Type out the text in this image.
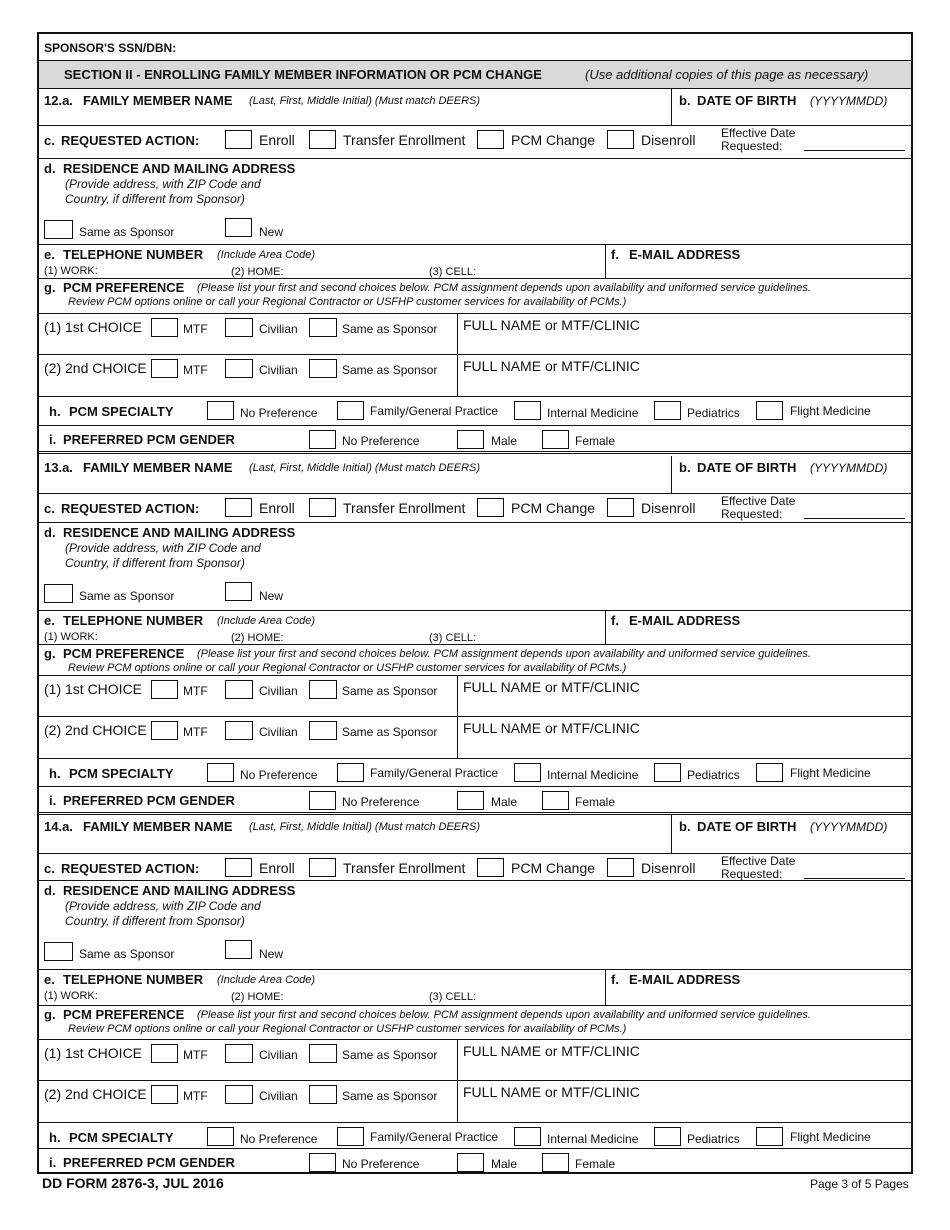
SPONSOR'S SSN/DBN:
SECTION II - ENROLLING FAMILY MEMBER INFORMATION OR PCM CHANGE	(Use additional copies of this page as necessary)
12.a. FAMILY MEMBER NAME (Last, First, Middle Initial) (Must match DEERS)	b. DATE OF BIRTH (YYYYMMDD)
c. REQUESTED ACTION:	Enroll	Transfer Enrollment	PCM Change	Disenroll Effective Date
Requested:
d. RESIDENCE AND MAILING ADDRESS
(Provide address, with ZIP Code and
Country, if different from Sponsor)
Same as Sponsor	New
e. TELEPHONE NUMBER (Include Area Code)
(1) WORK:	(2) HOME:	(3) CELL:
f. E-MAIL ADDRESS
g. PCM PREFERENCE (Please list your first and second choices below. PCM assignment depends upon availability and uniformed service guidelines.
Review PCM options online or call your Regional Contractor or USFHP customer services for availability of PCMs.)
(1) 1st CHOICE	MTF	Civilian	Same as Sponsor FULL NAME or MTF/CLINIC
(2) 2nd CHOICE	MTF	Civilian	Same as Sponsor FULL NAME or MTF/CLINIC
h. PCM SPECIALTY	No Preference	Family/General Practice	Internal Medicine	Pediatrics	Flight Medicine
i. PREFERRED PCM GENDER	No Preference	Male	Female
13.a. FAMILY MEMBER NAME (Last, First, Middle Initial) (Must match DEERS)	b. DATE OF BIRTH (YYYYMMDD)
c. REQUESTED ACTION:	Enroll	Transfer Enrollment	PCM Change	Disenroll Effective Date
Requested:
d. RESIDENCE AND MAILING ADDRESS
(Provide address, with ZIP Code and
Country, if different from Sponsor)
Same as Sponsor	New
e. TELEPHONE NUMBER (Include Area Code)
(1) WORK:	(2) HOME:	(3) CELL:
f. E-MAIL ADDRESS
g. PCM PREFERENCE (Please list your first and second choices below. PCM assignment depends upon availability and uniformed service guidelines.
Review PCM options online or call your Regional Contractor or USFHP customer services for availability of PCMs.)
(1) 1st CHOICE	MTF	Civilian	Same as Sponsor FULL NAME or MTF/CLINIC
(2) 2nd CHOICE	MTF	Civilian	Same as Sponsor FULL NAME or MTF/CLINIC
h. PCM SPECIALTY	No Preference	Family/General Practice	Internal Medicine	Pediatrics	Flight Medicine
i. PREFERRED PCM GENDER	No Preference	Male	Female
14.a. FAMILY MEMBER NAME (Last, First, Middle Initial) (Must match DEERS)	b. DATE OF BIRTH (YYYYMMDD)
c. REQUESTED ACTION:	Enroll	Transfer Enrollment	PCM Change	Disenroll Effective Date
Requested:
d. RESIDENCE AND MAILING ADDRESS
(Provide address, with ZIP Code and
Country, if different from Sponsor)
Same as Sponsor	New
e. TELEPHONE NUMBER (Include Area Code)
(1) WORK:	(2) HOME:	(3) CELL:
f. E-MAIL ADDRESS
g. PCM PREFERENCE (Please list your first and second choices below. PCM assignment depends upon availability and uniformed service guidelines.
Review PCM options online or call your Regional Contractor or USFHP customer services for availability of PCMs.)
(1) 1st CHOICE	MTF	Civilian	Same as Sponsor FULL NAME or MTF/CLINIC
(2) 2nd CHOICE	MTF	Civilian	Same as Sponsor FULL NAME or MTF/CLINIC
h. PCM SPECIALTY	No Preference	Family/General Practice	Internal Medicine	Pediatrics	Flight Medicine
i. PREFERRED PCM GENDER	No Preference	Male	Female
DD FORM 2876-3, JUL 2016	Page 3 of 5 Pages
